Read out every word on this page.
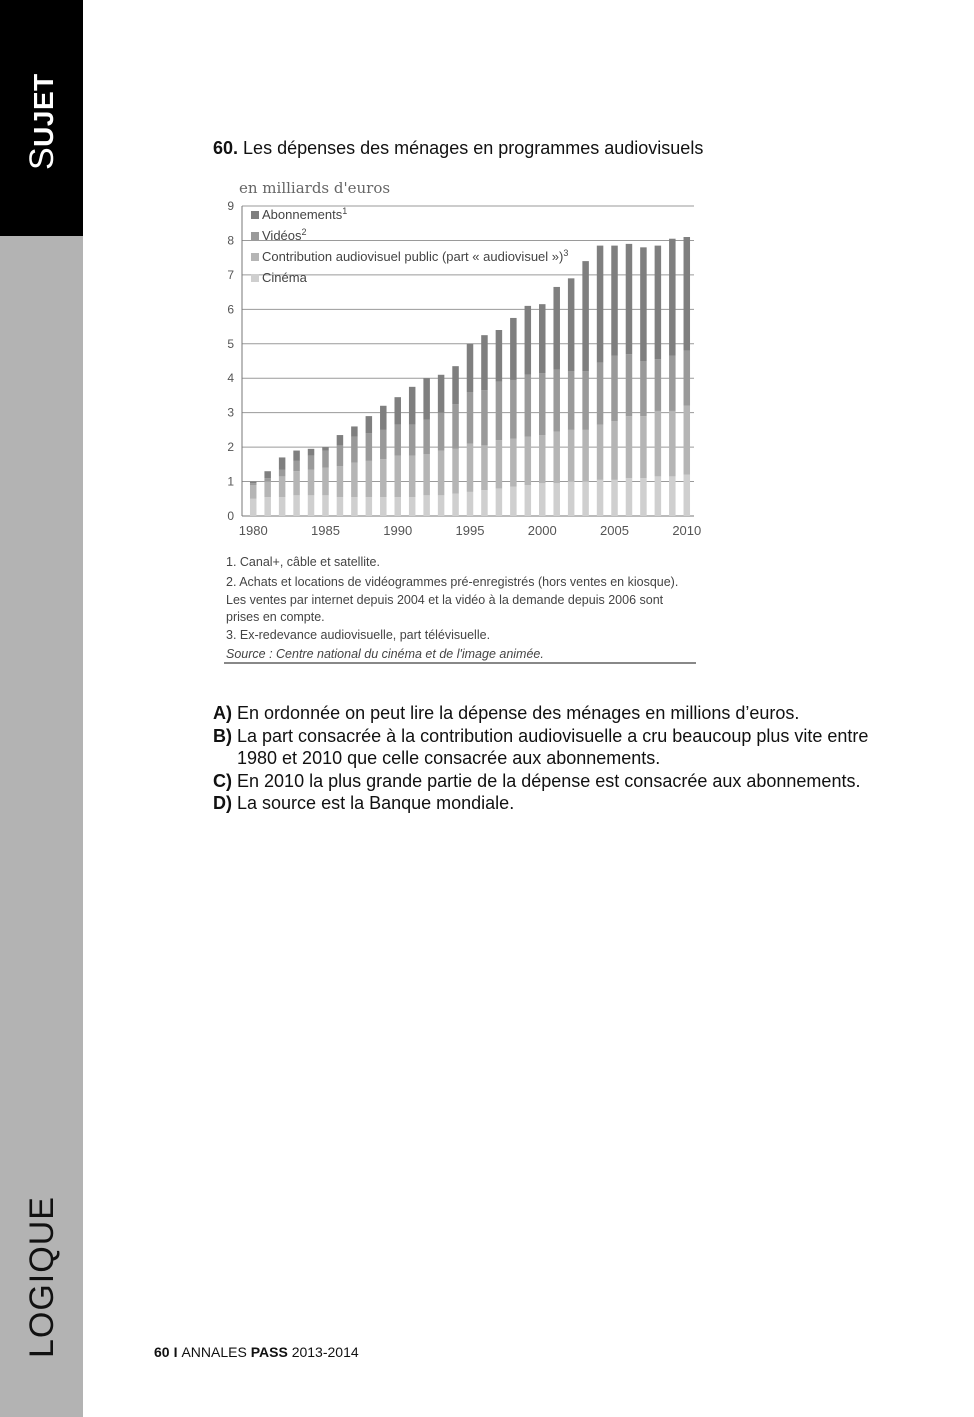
SUJET
LOGIQUE
60. Les dépenses des ménages en programmes audiovisuels
en milliards d'euros
0
1
2
3
4
5
6
7
8
9
1980	1985	1990	1995	2000	2005	2010
Abonnements$^1$
Vidéos$^2$
Contribution audiovisuel public (part « audiovisuel »)$^3$
Cinéma
1. Canal+, câble et satellite.
2. Achats et locations de vidéogrammes pré-enregistrés (hors ventes en kiosque).
Les ventes par internet depuis 2004 et la vidéo à la demande depuis 2006 sont
prises en compte.
3. Ex-redevance audiovisuelle, part télévisuelle.
Source : Centre national du cinéma et de l'image animée.
A) En ordonnée on peut lire la dépense des ménages en millions d’euros.
B) La part consacrée à la contribution audiovisuelle a cru beaucoup plus vite entre 1980 et 2010 que celle consacrée aux abonnements.
C) En 2010 la plus grande partie de la dépense est consacrée aux abonnements.
D) La source est la Banque mondiale.
60 I ANNALES PASS 2013-2014
